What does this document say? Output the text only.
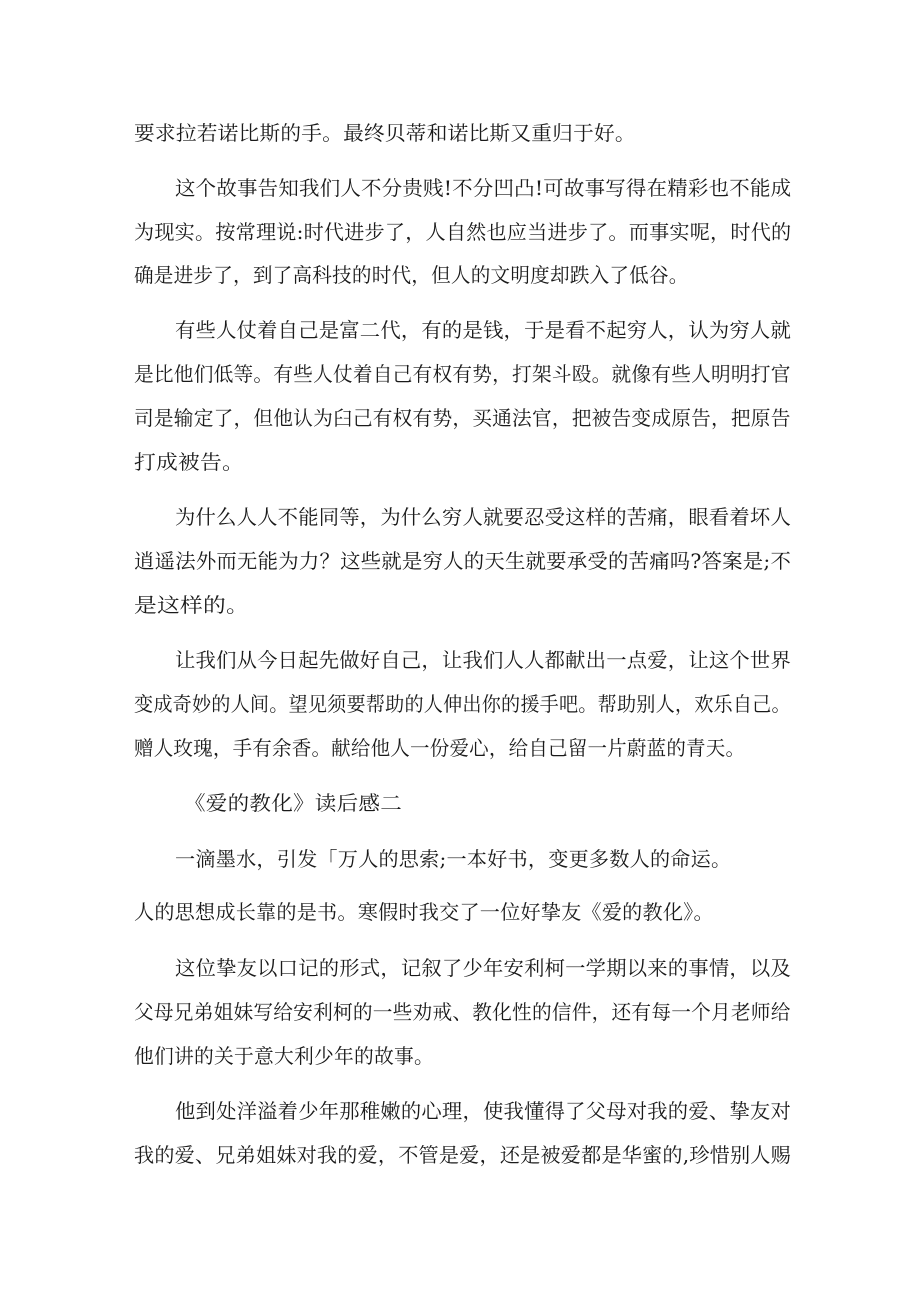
要求拉若诺比斯的手。最终贝蒂和诺比斯又重归于好。
这个故事告知我们人不分贵贱!不分凹凸!可故事写得在精彩也不能成
为现实。按常理说:时代进步了，人自然也应当进步了。而事实呢，时代的
确是进步了，到了高科技的时代，但人的文明度却跌入了低谷。
有些人仗着自己是富二代，有的是钱，于是看不起穷人，认为穷人就
是比他们低等。有些人仗着自己有权有势，打架斗殴。就像有些人明明打官
司是输定了，但他认为臼己有权有势，买通法官，把被告变成原告，把原告
打成被告。
为什么人人不能同等，为什么穷人就要忍受这样的苦痛，眼看着坏人
逍遥法外而无能为力？这些就是穷人的天生就要承受的苦痛吗?答案是;不
是这样的。
让我们从今日起先做好自己，让我们人人都献出一点爱，让这个世界
变成奇妙的人间。望见须要帮助的人伸出你的援手吧。帮助别人，欢乐自己。
赠人玫瑰，手有余香。献给他人一份爱心，给自己留一片蔚蓝的青天。
《爱的教化》读后感二
一滴墨水，引发「万人的思索;一本好书，变更多数人的命运。
人的思想成长靠的是书。寒假时我交了一位好挚友《爱的教化》。
这位挚友以口记的形式，记叙了少年安利柯一学期以来的事情，以及
父母兄弟姐妹写给安利柯的一些劝戒、教化性的信件，还有每一个月老师给
他们讲的关于意大利少年的故事。
他到处洋溢着少年那稚嫩的心理，使我懂得了父母对我的爱、挚友对
我的爱、兄弟姐妹对我的爱，不管是爱，还是被爱都是华蜜的,珍惜别人赐
